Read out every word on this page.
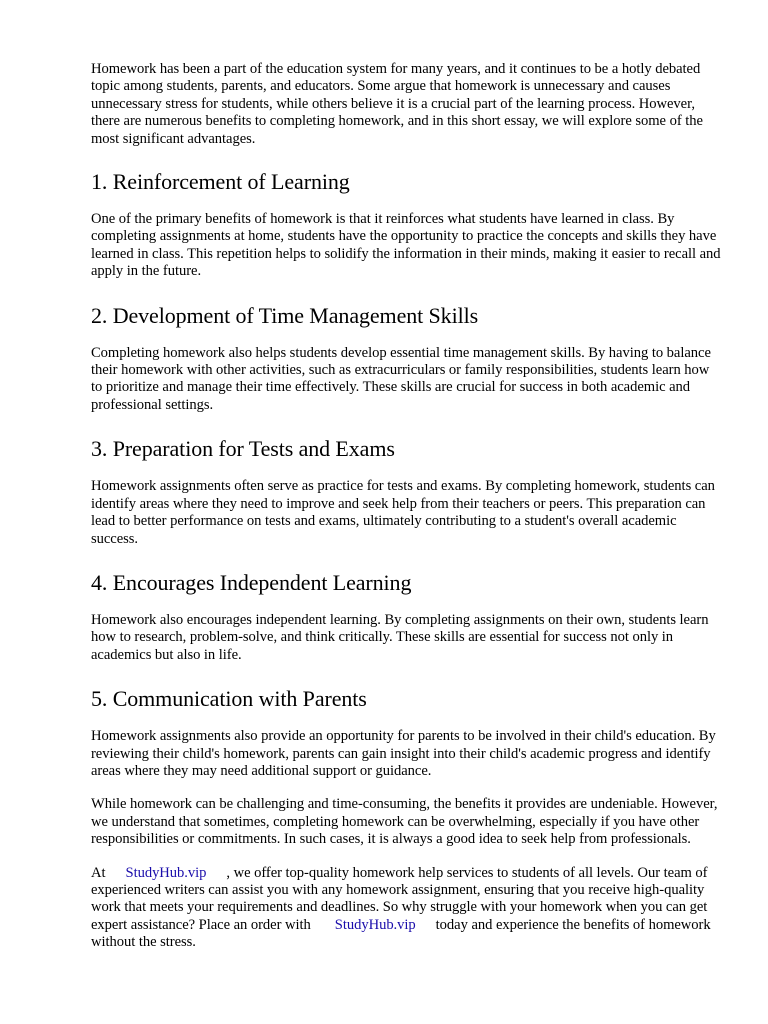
Homework has been a part of the education system for many years, and it continues to be a hotly debated topic among students, parents, and educators. Some argue that homework is unnecessary and causes unnecessary stress for students, while others believe it is a crucial part of the learning process. However, there are numerous benefits to completing homework, and in this short essay, we will explore some of the most significant advantages.

1. Reinforcement of Learning

One of the primary benefits of homework is that it reinforces what students have learned in class. By completing assignments at home, students have the opportunity to practice the concepts and skills they have learned in class. This repetition helps to solidify the information in their minds, making it easier to recall and apply in the future.

2. Development of Time Management Skills

Completing homework also helps students develop essential time management skills. By having to balance their homework with other activities, such as extracurriculars or family responsibilities, students learn how to prioritize and manage their time effectively. These skills are crucial for success in both academic and professional settings.

3. Preparation for Tests and Exams

Homework assignments often serve as practice for tests and exams. By completing homework, students can identify areas where they need to improve and seek help from their teachers or peers. This preparation can lead to better performance on tests and exams, ultimately contributing to a student's overall academic success.

4. Encourages Independent Learning

Homework also encourages independent learning. By completing assignments on their own, students learn how to research, problem-solve, and think critically. These skills are essential for success not only in academics but also in life.

5. Communication with Parents

Homework assignments also provide an opportunity for parents to be involved in their child's education. By reviewing their child's homework, parents can gain insight into their child's academic progress and identify areas where they may need additional support or guidance.

While homework can be challenging and time-consuming, the benefits it provides are undeniable. However, we understand that sometimes, completing homework can be overwhelming, especially if you have other responsibilities or commitments. In such cases, it is always a good idea to seek help from professionals.

At StudyHub.vip , we offer top-quality homework help services to students of all levels. Our team of experienced writers can assist you with any homework assignment, ensuring that you receive high-quality work that meets your requirements and deadlines. So why struggle with your homework when you can get expert assistance? Place an order with StudyHub.vip today and experience the benefits of homework without the stress.
